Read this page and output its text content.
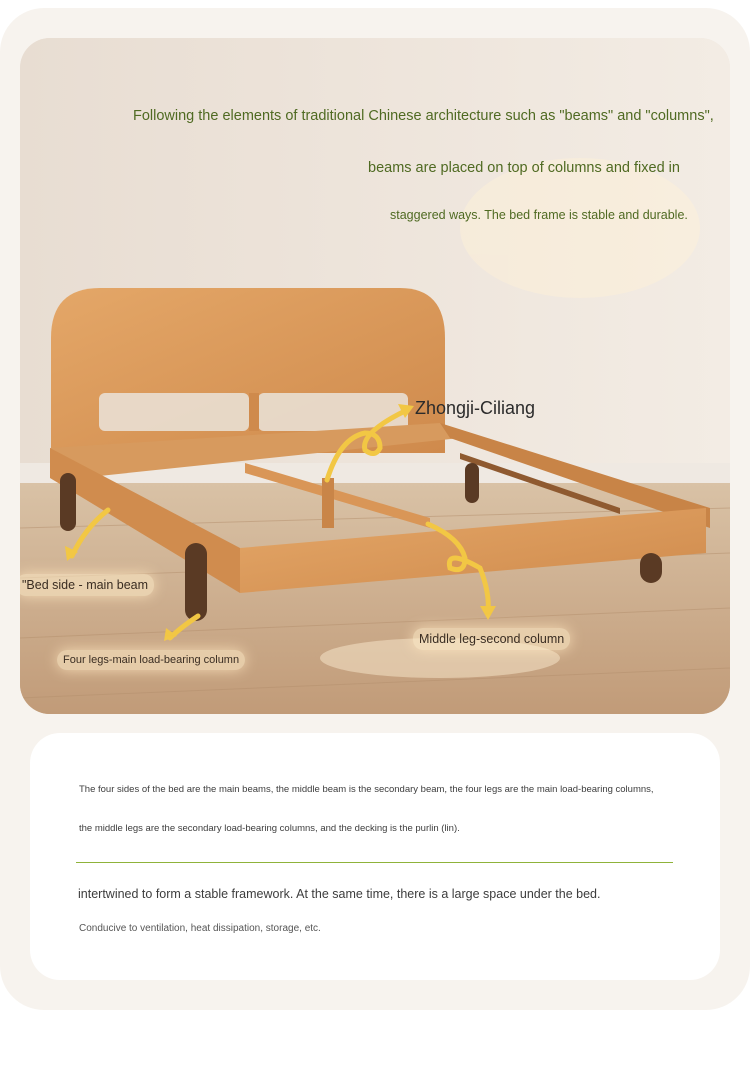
Following the elements of traditional Chinese architecture such as "beams" and "columns",
beams are placed on top of columns and fixed in
staggered ways. The bed frame is stable and durable.
Zhongji-Ciliang
"Bed side - main beam
Four legs-main load-bearing column
Middle leg-second column
The four sides of the bed are the main beams, the middle beam is the secondary beam, the four legs are the main load-bearing columns,
the middle legs are the secondary load-bearing columns, and the decking is the purlin (lin).
intertwined to form a stable framework. At the same time, there is a large space under the bed.
Conducive to ventilation, heat dissipation, storage, etc.
